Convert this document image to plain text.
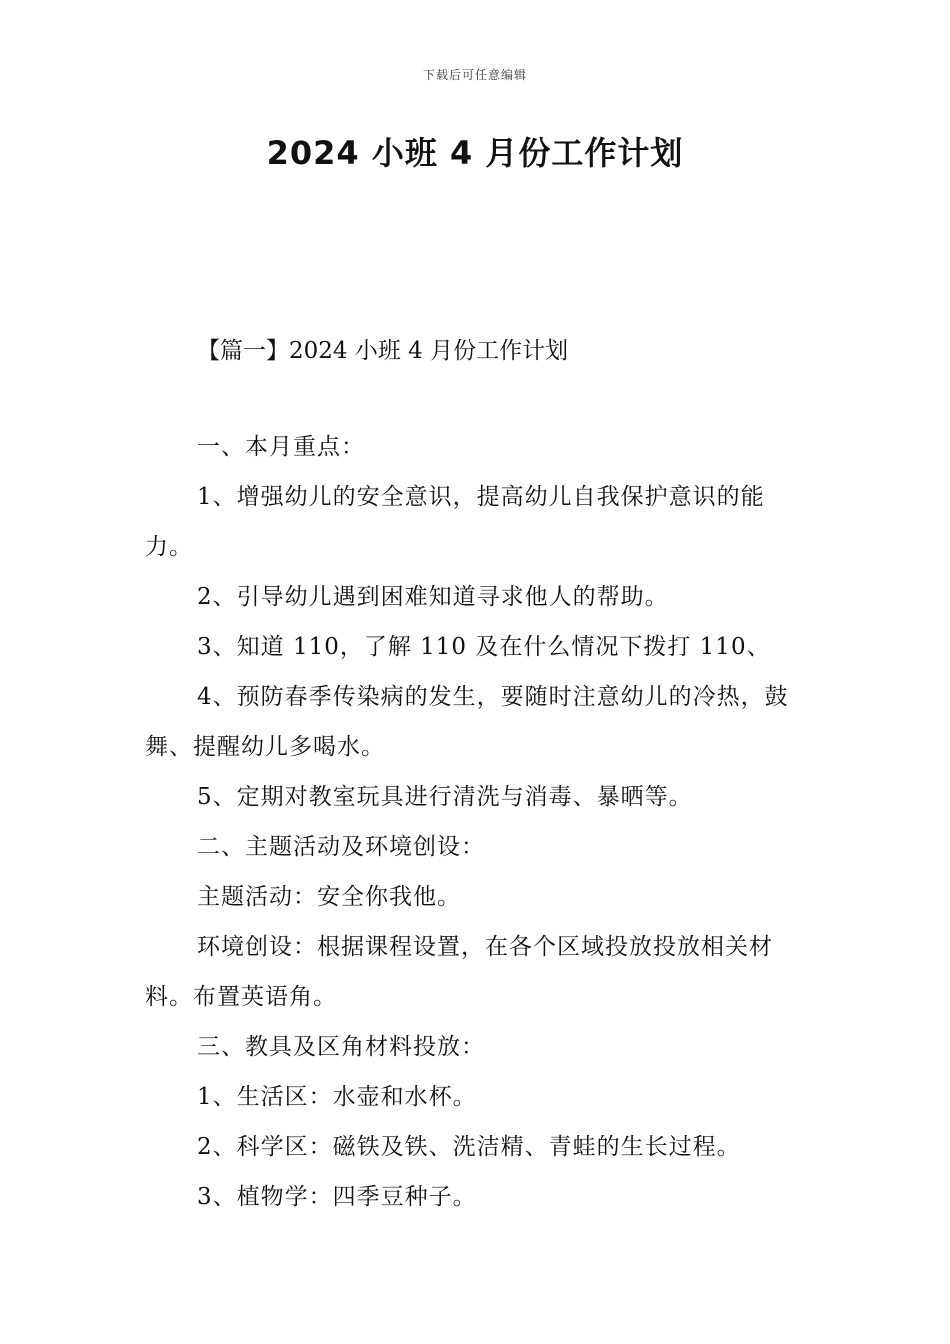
下载后可任意编辑
2024 小班 4 月份工作计划
【篇一】2024 小班 4 月份工作计划

一、本月重点：

1、增强幼儿的安全意识，提高幼儿自我保护意识的能力。

2、引导幼儿遇到困难知道寻求他人的帮助。

3、知道 110，了解 110 及在什么情况下拨打 110、

4、预防春季传染病的发生，要随时注意幼儿的冷热，鼓舞、提醒幼儿多喝水。

5、定期对教室玩具进行清洗与消毒、暴晒等。

二、主题活动及环境创设：

主题活动：安全你我他。

环境创设：根据课程设置，在各个区域投放投放相关材料。布置英语角。

三、教具及区角材料投放：

1、生活区：水壶和水杯。

2、科学区：磁铁及铁、洗洁精、青蛙的生长过程。

3、植物学：四季豆种子。
